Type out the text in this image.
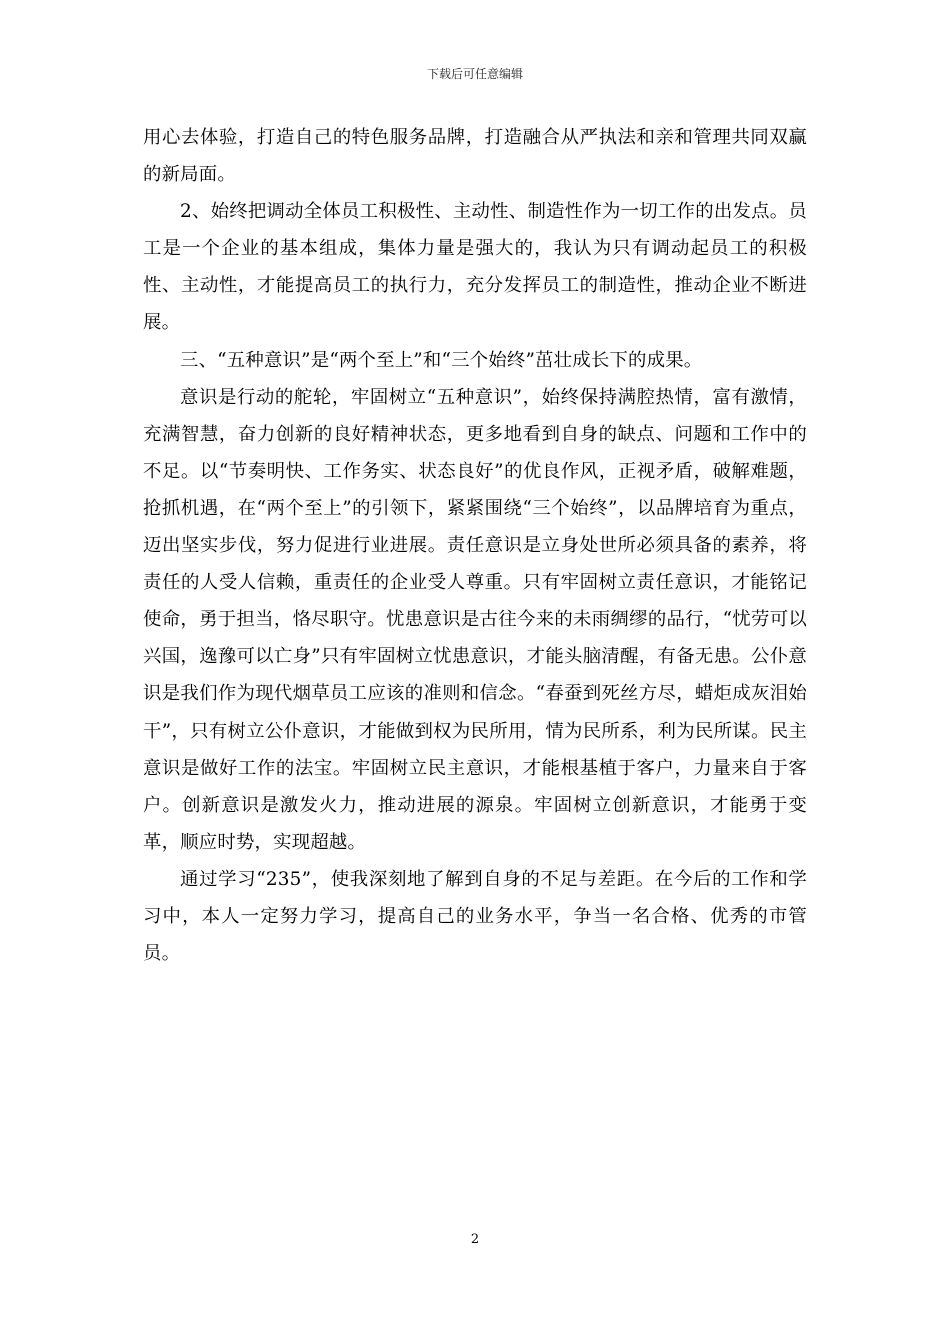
下载后可任意编辑

用心去体验，打造自己的特色服务品牌，打造融合从严执法和亲和管理共同双赢的新局面。

2、始终把调动全体员工积极性、主动性、制造性作为一切工作的出发点。员工是一个企业的基本组成，集体力量是强大的，我认为只有调动起员工的积极性、主动性，才能提高员工的执行力，充分发挥员工的制造性，推动企业不断进展。

三、“五种意识”是“两个至上”和“三个始终”茁壮成长下的成果。

意识是行动的舵轮，牢固树立“五种意识”，始终保持满腔热情，富有激情，充满智慧，奋力创新的良好精神状态，更多地看到自身的缺点、问题和工作中的不足。以“节奏明快、工作务实、状态良好”的优良作风，正视矛盾，破解难题，抢抓机遇，在“两个至上”的引领下，紧紧围绕“三个始终”，以品牌培育为重点，迈出坚实步伐，努力促进行业进展。责任意识是立身处世所必须具备的素养，将责任的人受人信赖，重责任的企业受人尊重。只有牢固树立责任意识，才能铭记使命，勇于担当，恪尽职守。忧患意识是古往今来的未雨绸缪的品行，“忧劳可以兴国，逸豫可以亡身”只有牢固树立忧患意识，才能头脑清醒，有备无患。公仆意识是我们作为现代烟草员工应该的准则和信念。“春蚕到死丝方尽，蜡炬成灰泪始干”，只有树立公仆意识，才能做到权为民所用，情为民所系，利为民所谋。民主意识是做好工作的法宝。牢固树立民主意识，才能根基植于客户，力量来自于客户。创新意识是激发火力，推动进展的源泉。牢固树立创新意识，才能勇于变革，顺应时势，实现超越。

通过学习“235”，使我深刻地了解到自身的不足与差距。在今后的工作和学习中，本人一定努力学习，提高自己的业务水平，争当一名合格、优秀的市管员。

2
